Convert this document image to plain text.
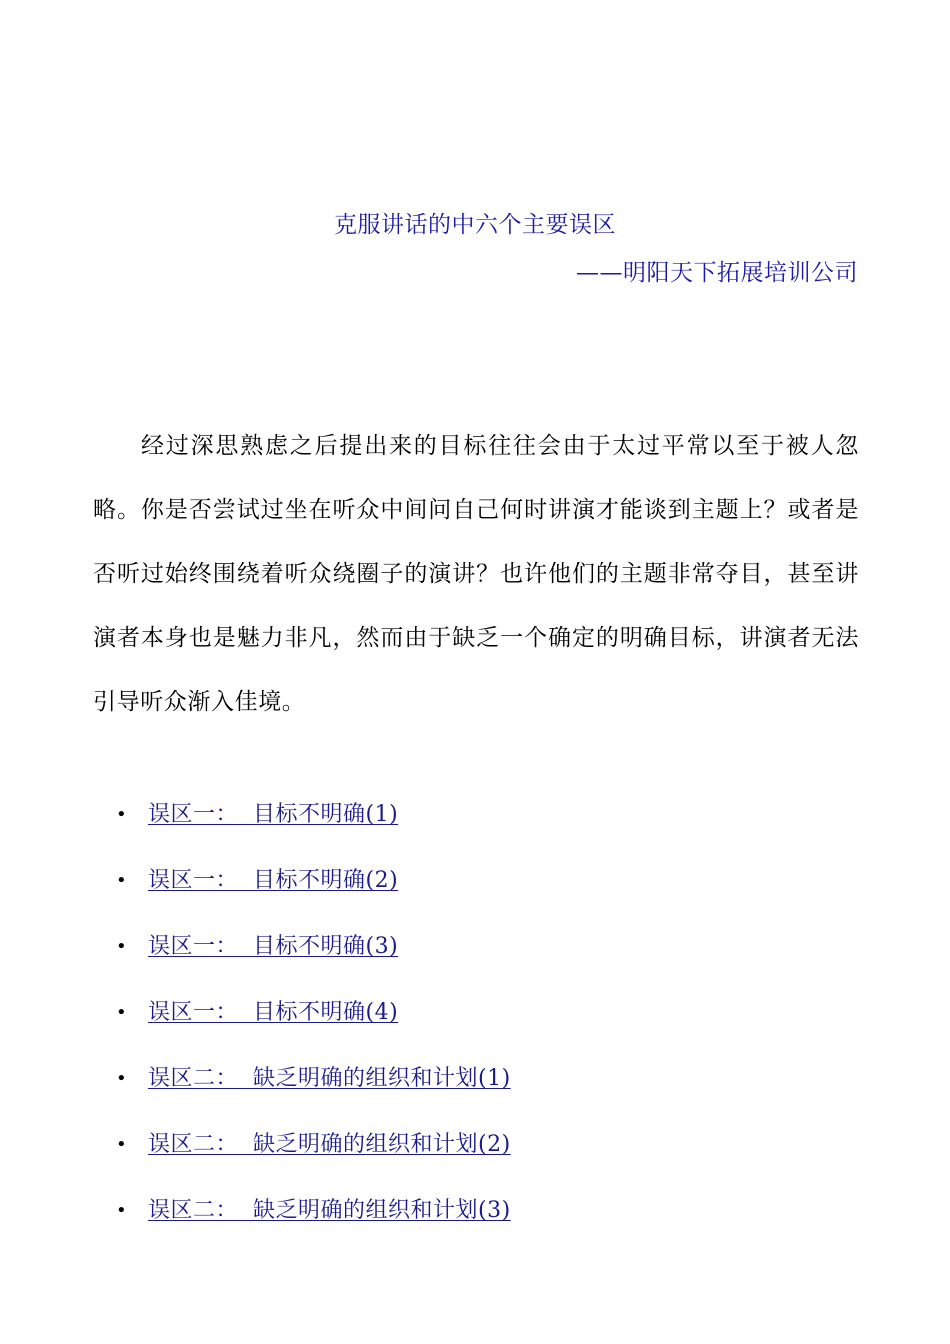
克服讲话的中六个主要误区
——明阳天下拓展培训公司

经过深思熟虑之后提出来的目标往往会由于太过平常以至于被人忽略。你是否尝试过坐在听众中间问自己何时讲演才能谈到主题上？或者是否听过始终围绕着听众绕圈子的演讲？也许他们的主题非常夺目，甚至讲演者本身也是魅力非凡，然而由于缺乏一个确定的明确目标，讲演者无法引导听众渐入佳境。

• 误区一：  目标不明确(1)
• 误区一：  目标不明确(2)
• 误区一：  目标不明确(3)
• 误区一：  目标不明确(4)
• 误区二：  缺乏明确的组织和计划(1)
• 误区二：  缺乏明确的组织和计划(2)
• 误区二：  缺乏明确的组织和计划(3)
